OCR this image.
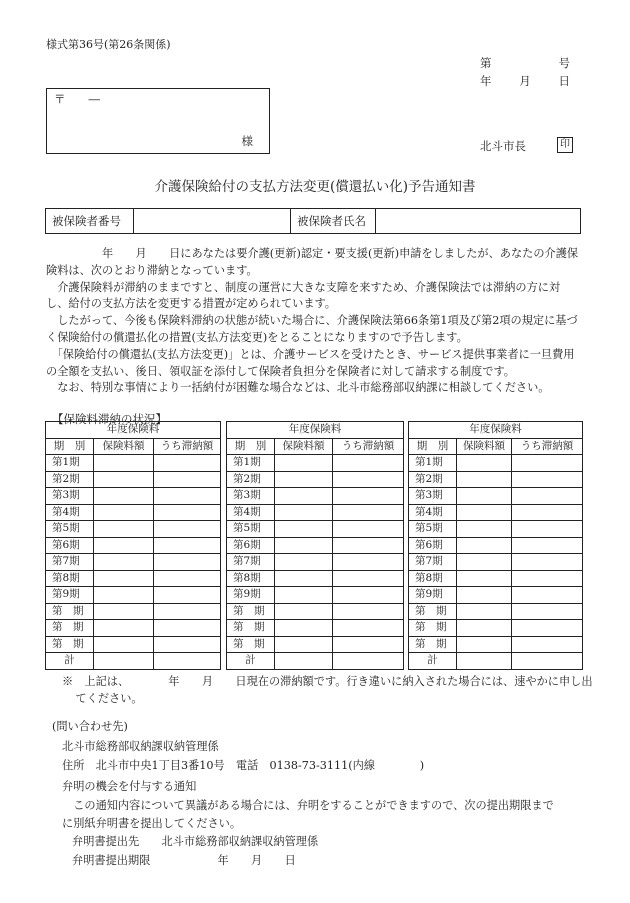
様式第36号(第26条関係)
第	号
年 月 日
〒　　―
様	北斗市長	印
介護保険給付の支払方法変更(償還払い化)予告通知書
被保険者番号		被保険者氏名	

　　　　　年　　月　　日にあなたは要介護(更新)認定・要支援(更新)申請をしましたが、あなたの介護保険料は、次のとおり滞納となっています。

　介護保険料が滞納のままですと、制度の運営に大きな支障を来すため、介護保険法では滞納の方に対し、給付の支払方法を変更する措置が定められています。

　したがって、今後も保険料滞納の状態が続いた場合に、介護保険法第66条第1項及び第2項の規定に基づく保険給付の償還払化の措置(支払方法変更)をとることになりますので予告します。

　「保険給付の償還払(支払方法変更)」とは、介護サービスを受けたとき、サービス提供事業者に一旦費用の全額を支払い、後日、領収証を添付して保険者負担分を保険者に対して請求する制度です。

　なお、特別な事情により一括納付が困難な場合などは、北斗市総務部収納課に相談してください。

【保険料滞納の状況】
年度保険料		
期　別	保険料額	うち滞納額
第1期		
第2期		
第3期		
第4期		
第5期		
第6期		
第7期		
第8期		
第9期		
第　期		
第　期		
第　期		
計		
年度保険料		
期　別	保険料額	うち滞納額
第1期		
第2期		
第3期		
第4期		
第5期		
第6期		
第7期		
第8期		
第9期		
第　期		
第　期		
第　期		
計		
年度保険料		
期　別	保険料額	うち滞納額
第1期		
第2期		
第3期		
第4期		
第5期		
第6期		
第7期		
第8期		
第9期		
第　期		
第　期		
第　期		
計		
※　上記は、　　　　年　　月　　日現在の滞納額です。行き違いに納入された場合には、速やかに申し出てください。
(問い合わせ先)
北斗市総務部収納課収納管理係
住所　北斗市中央1丁目3番10号　電話　0138-73-3111(内線　　　　)
弁明の機会を付与する通知
　この通知内容について異議がある場合には、弁明をすることができますので、次の提出期限まで
に別紙弁明書を提出してください。
弁明書提出先　　北斗市総務部収納課収納管理係
弁明書提出期限　　　　　　年　　月　　日
